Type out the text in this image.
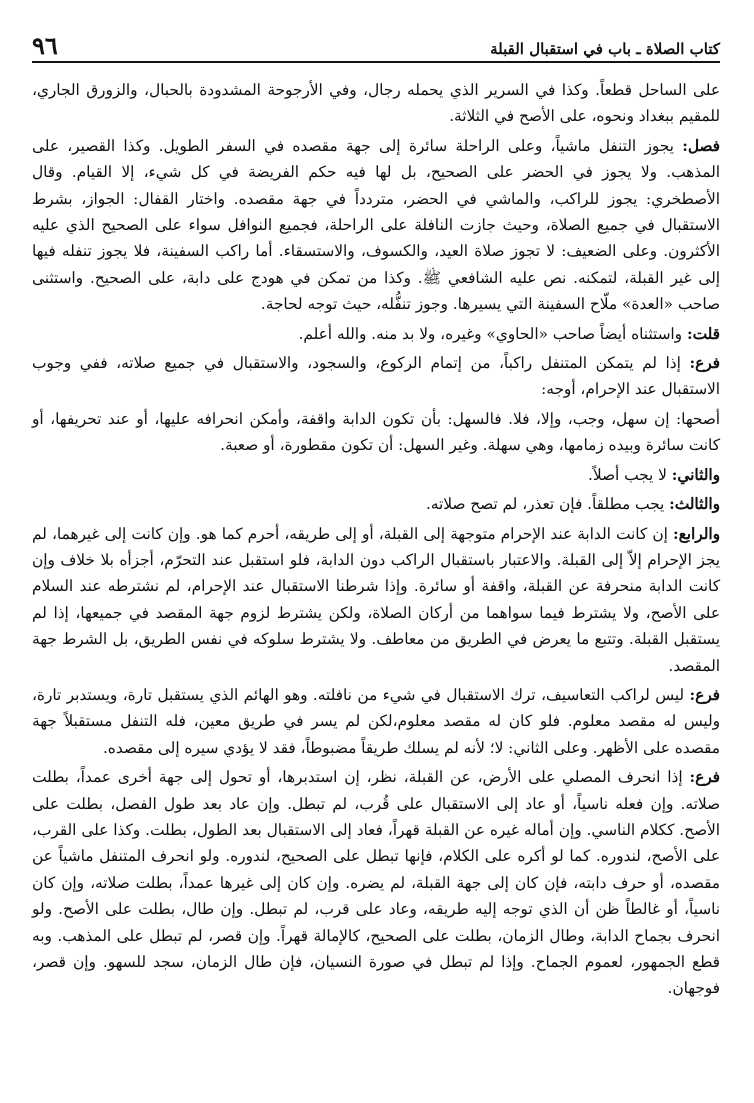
كتاب الصلاة ـ باب في استقبال القبلة
٩٦

على الساحل قطعاً. وكذا في السرير الذي يحمله رجال، وفي الأرجوحة المشدودة بالحبال، والزورق الجاري، للمقيم ببغداد ونحوه، على الأصح في الثلاثة.

فصل: يجوز التنفل ماشياً، وعلى الراحلة سائرة إلى جهة مقصده في السفر الطويل. وكذا القصير، على المذهب. ولا يجوز في الحضر على الصحيح، بل لها فيه حكم الفريضة في كل شيء، إلا القيام. وقال الأصطخري: يجوز للراكب، والماشي في الحضر، متردداً في جهة مقصده. واختار القفال: الجواز، بشرط الاستقبال في جميع الصلاة، وحيث جازت النافلة على الراحلة، فجميع النوافل سواء على الصحيح الذي عليه الأكثرون. وعلى الضعيف: لا تجوز صلاة العيد، والكسوف، والاستسقاء. أما راكب السفينة، فلا يجوز تنفله فيها إلى غير القبلة، لتمكنه. نص عليه الشافعي ﷺ. وكذا من تمكن في هودج على دابة، على الصحيح. واستثنى صاحب «العدة» ملّاح السفينة التي يسيرها. وجوز تنفُّله، حيث توجه لحاجة.

قلت: واستثناه أيضاً صاحب «الحاوي» وغيره، ولا بد منه. والله أعلم.

فرع: إذا لم يتمكن المتنفل راكباً، من إتمام الركوع، والسجود، والاستقبال في جميع صلاته، ففي وجوب الاستقبال عند الإحرام، أوجه:

أصحها: إن سهل، وجب، وإلا، فلا. فالسهل: بأن تكون الدابة واقفة، وأمكن انحرافه عليها، أو عند تحريفها، أو كانت سائرة وبيده زمامها، وهي سهلة. وغير السهل: أن تكون مقطورة، أو صعبة.

والثاني: لا يجب أصلاً.

والثالث: يجب مطلقاً. فإن تعذر، لم تصح صلاته.

والرابع: إن كانت الدابة عند الإحرام متوجهة إلى القبلة، أو إلى طريقه، أحرم كما هو. وإن كانت إلى غيرهما، لم يجز الإحرام إلاّ إلى القبلة. والاعتبار باستقبال الراكب دون الدابة، فلو استقبل عند التحرّم، أجزأه بلا خلاف وإن كانت الدابة منحرفة عن القبلة، واقفة أو سائرة. وإذا شرطنا الاستقبال عند الإحرام، لم نشترطه عند السلام على الأصح، ولا يشترط فيما سواهما من أركان الصلاة، ولكن يشترط لزوم جهة المقصد في جميعها، إذا لم يستقبل القبلة. وتتبع ما يعرض في الطريق من معاطف. ولا يشترط سلوكه في نفس الطريق، بل الشرط جهة المقصد.

فرع: ليس لراكب التعاسيف، ترك الاستقبال في شيء من نافلته. وهو الهائم الذي يستقبل تارة، ويستدبر تارة، وليس له مقصد معلوم. فلو كان له مقصد معلوم،لكن لم يسر في طريق معين، فله التنفل مستقبلاً جهة مقصده على الأظهر. وعلى الثاني: لا؛ لأنه لم يسلك طريقاً مضبوطاً، فقد لا يؤدي سيره إلى مقصده.

فرع: إذا انحرف المصلي على الأرض، عن القبلة، نظر، إن استدبرها، أو تحول إلى جهة أخرى عمداً، بطلت صلاته. وإن فعله ناسياً، أو عاد إلى الاستقبال على قُرب، لم تبطل. وإن عاد بعد طول الفصل، بطلت على الأصح. ككلام الناسي. وإن أماله غيره عن القبلة قهراً، فعاد إلى الاستقبال بعد الطول، بطلت. وكذا على القرب، على الأصح، لندوره. كما لو أكره على الكلام، فإنها تبطل على الصحيح، لندوره. ولو انحرف المتنفل ماشياً عن مقصده، أو حرف دابته، فإن كان إلى جهة القبلة، لم يضره. وإن كان إلى غيرها عمداً، بطلت صلاته، وإن كان ناسياً، أو غالطاً ظن أن الذي توجه إليه طريقه، وعاد على قرب، لم تبطل. وإن طال، بطلت على الأصح. ولو انحرف بجماح الدابة، وطال الزمان، بطلت على الصحيح، كالإمالة قهراً. وإن قصر، لم تبطل على المذهب. وبه قطع الجمهور، لعموم الجماح. وإذا لم تبطل في صورة النسيان، فإن طال الزمان، سجد للسهو. وإن قصر، فوجهان.
